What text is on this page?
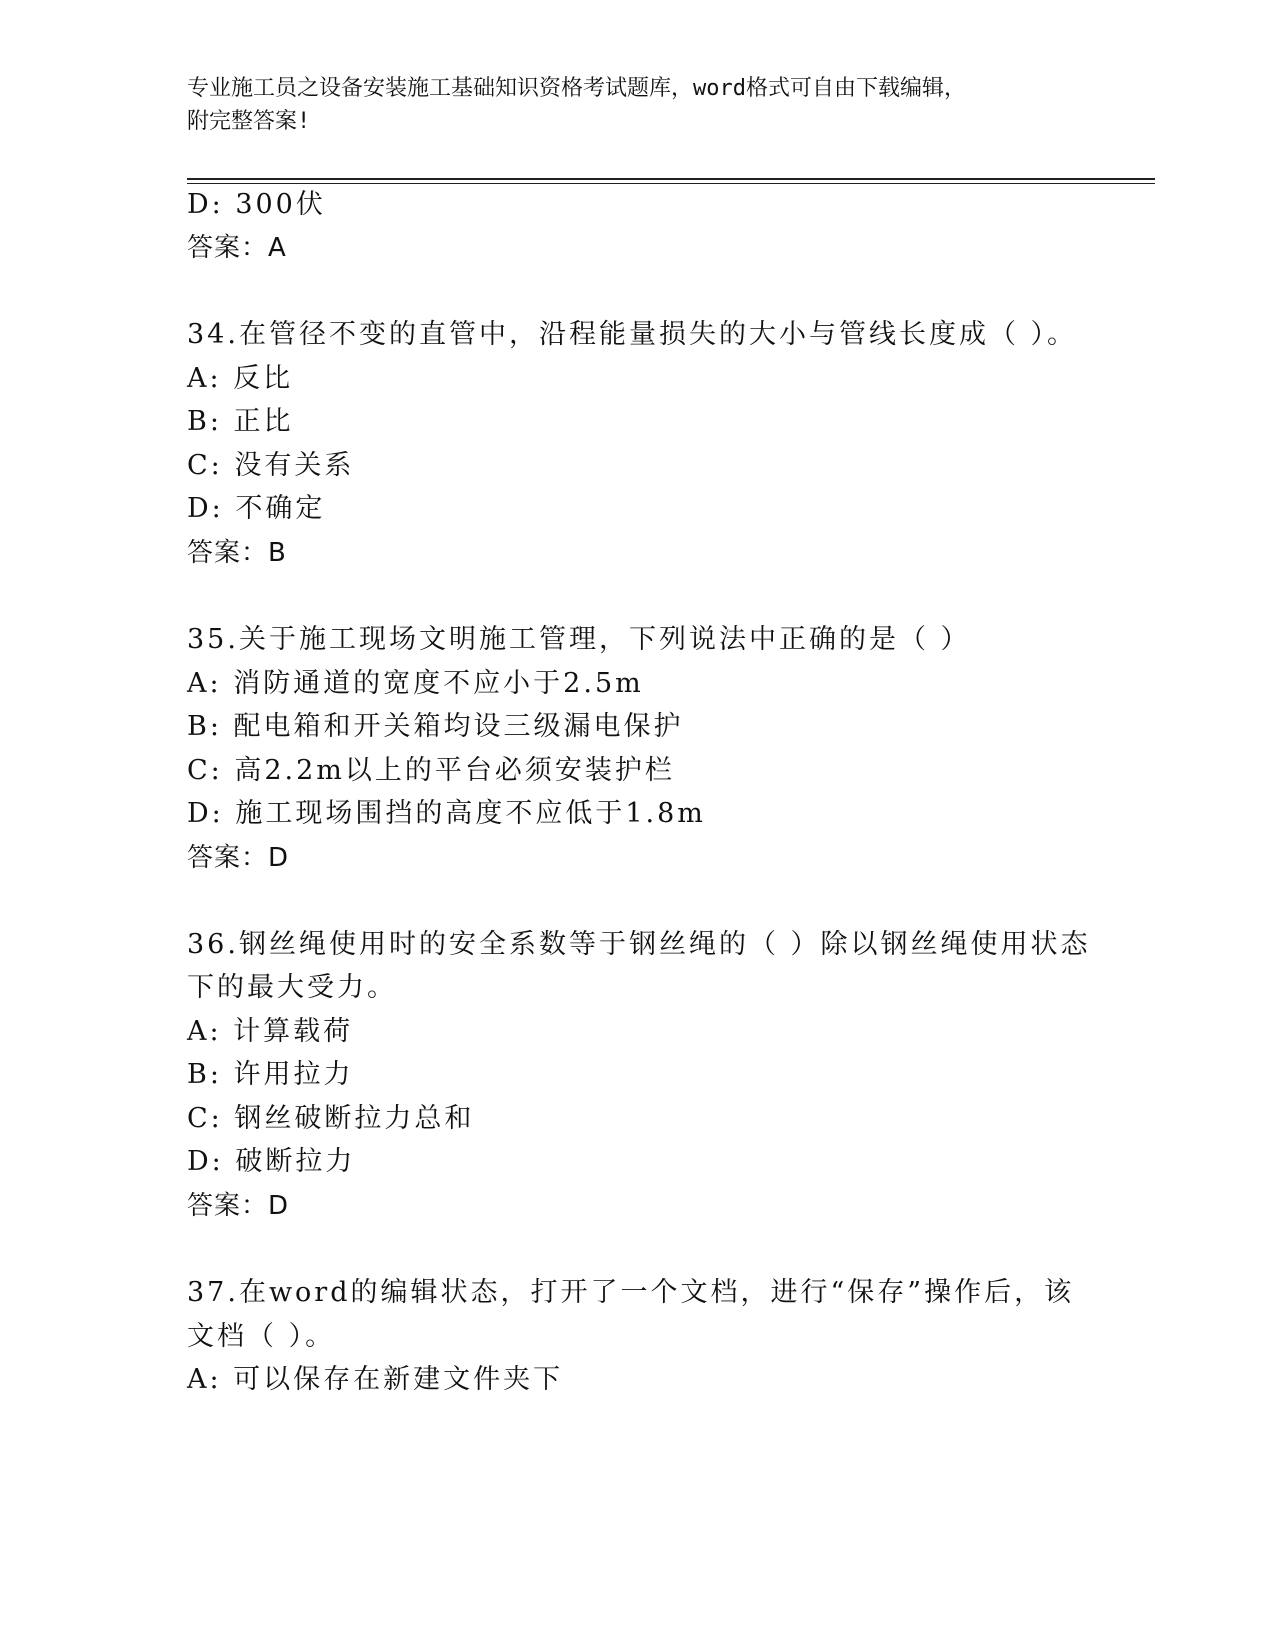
专业施工员之设备安装施工基础知识资格考试题库，word格式可自由下载编辑，
附完整答案!
D: 300伏
答案：A
34.在管径不变的直管中，沿程能量损失的大小与管线长度成（ ）。
A: 反比
B: 正比
C: 没有关系
D: 不确定
答案：B
35.关于施工现场文明施工管理，下列说法中正确的是（ ）
A: 消防通道的宽度不应小于2.5m
B: 配电箱和开关箱均设三级漏电保护
C: 高2.2m以上的平台必须安装护栏
D: 施工现场围挡的高度不应低于1.8m
答案：D
36.钢丝绳使用时的安全系数等于钢丝绳的（ ）除以钢丝绳使用状态
下的最大受力。
A: 计算载荷
B: 许用拉力
C: 钢丝破断拉力总和
D: 破断拉力
答案：D
37.在word的编辑状态，打开了一个文档，进行“保存”操作后，该
文档（ ）。
A: 可以保存在新建文件夹下
